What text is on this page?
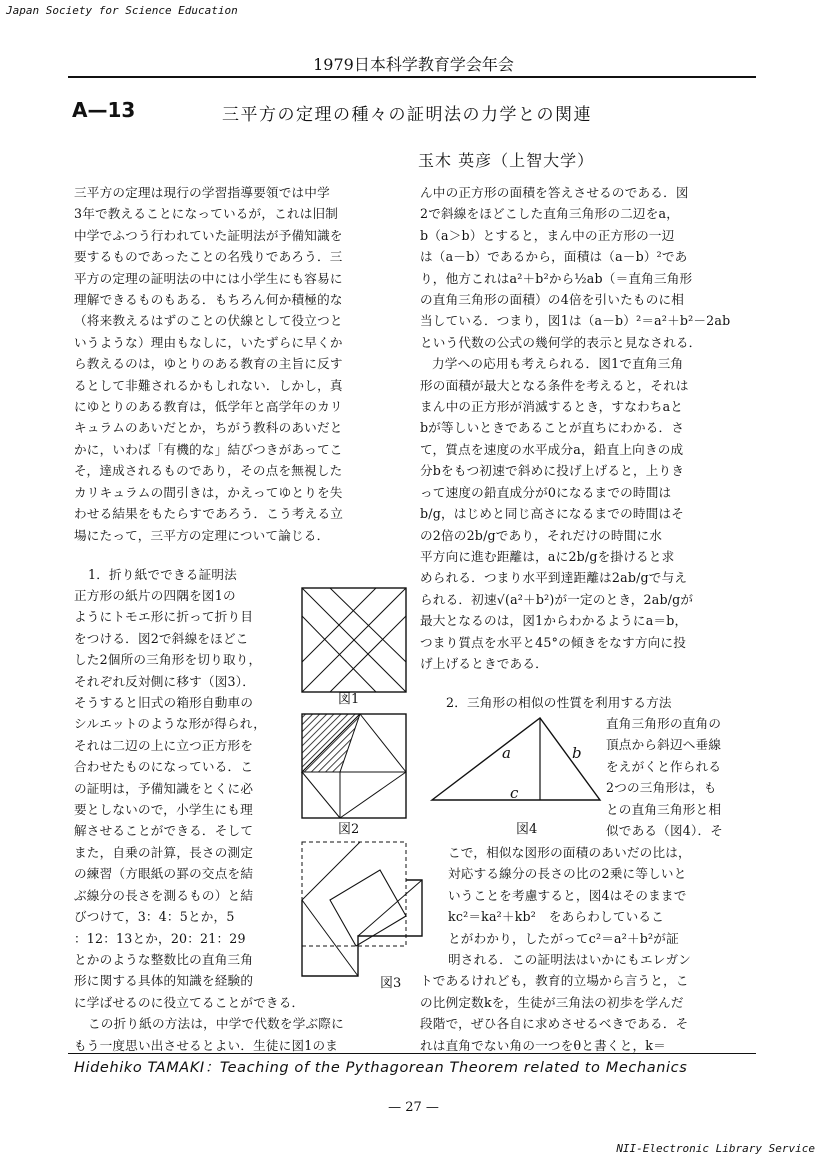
Japan Society for Science Education
1979日本科学教育学会年会
A—13	三平方の定理の種々の証明法の力学との関連
玉木 英彦（上智大学）

三平方の定理は現行の学習指導要領では中学

3年で教えることになっているが，これは旧制

中学でふつう行われていた証明法が予備知識を

要するものであったことの名残りであろう．三

平方の定理の証明法の中には小学生にも容易に

理解できるものもある．もちろん何か積極的な

（将来教えるはずのことの伏線として役立つと

いうような）理由もなしに，いたずらに早くか

ら教えるのは，ゆとりのある教育の主旨に反す

るとして非難されるかもしれない．しかし，真

にゆとりのある教育は，低学年と高学年のカリ

キュラムのあいだとか，ちがう教科のあいだと

かに，いわば「有機的な」結びつきがあってこ

そ，達成されるものであり，その点を無視した

カリキュラムの間引きは，かえってゆとりを失

わせる結果をもたらすであろう．こう考える立

場にたって，三平方の定理について論じる．

1．折り紙でできる証明法

正方形の紙片の四隅を図1の

ようにトモエ形に折って折り目

をつける．図2で斜線をほどこ

した2個所の三角形を切り取り，

それぞれ反対側に移す（図3）．

そうすると旧式の箱形自動車の

シルエットのような形が得られ，

それは二辺の上に立つ正方形を

合わせたものになっている．こ

の証明は，予備知識をとくに必

要としないので，小学生にも理

解させることができる．そして

また，自乗の計算，長さの測定

の練習（方眼紙の罫の交点を結

ぶ線分の長さを測るもの）と結

びつけて，3：4：5とか，5

：12：13とか，20：21：29

とかのような整数比の直角三角

形に関する具体的知識を経験的

に学ばせるのに役立てることができる．

この折り紙の方法は，中学で代数を学ぶ際に

もう一度思い出させるとよい．生徒に図1のま

図1
図2
図3

ん中の正方形の面積を答えさせるのである．図

2で斜線をほどこした直角三角形の二辺をa，

b（a＞b）とすると，まん中の正方形の一辺

は（a－b）であるから，面積は（a－b）²であ

り，他方これはa²＋b²から½ab（＝直角三角形

の直角三角形の面積）の4倍を引いたものに相

当している．つまり，図1は（a－b）²＝a²＋b²－2ab

という代数の公式の幾何学的表示と見なされる．

力学への応用も考えられる．図1で直角三角

形の面積が最大となる条件を考えると，それは

まん中の正方形が消滅するとき，すなわちaと

bが等しいときであることが直ちにわかる．さ

て，質点を速度の水平成分a，鉛直上向きの成

分bをもつ初速で斜めに投げ上げると，上りき

って速度の鉛直成分が0になるまでの時間は

b/g，はじめと同じ高さになるまでの時間はそ

の2倍の2b/gであり，それだけの時間に水

平方向に進む距離は，aに2b/gを掛けると求

められる．つまり水平到達距離は2ab/gで与え

られる．初速√(a²＋b²)が一定のとき，2ab/gが

最大となるのは，図1からわかるようにa＝b，

つまり質点を水平と45°の傾きをなす方向に投

げ上げるときである．

2．三角形の相似の性質を利用する方法

直角三角形の直角の

頂点から斜辺へ垂線

をえがくと作られる

2つの三角形は，も

との直角三角形と相

似である（図4）．そ

a	b
c
図4

こで，相似な図形の面積のあいだの比は，

対応する線分の長さの比の2乗に等しいと

いうことを考慮すると，図4はそのままで

kc²＝ka²＋kb²　をあらわしているこ

とがわかり，したがってc²＝a²＋b²が証

明される．この証明法はいかにもエレガン

トであるけれども，教育的立場から言うと，こ

の比例定数kを，生徒が三角法の初歩を学んだ

段階で，ぜひ各自に求めさせるべきである．そ

れは直角でない角の一つをθと書くと，k＝

Hidehiko TAMAKI：Teaching of the Pythagorean Theorem related to Mechanics
— 27 —
NII-Electronic Library Service
